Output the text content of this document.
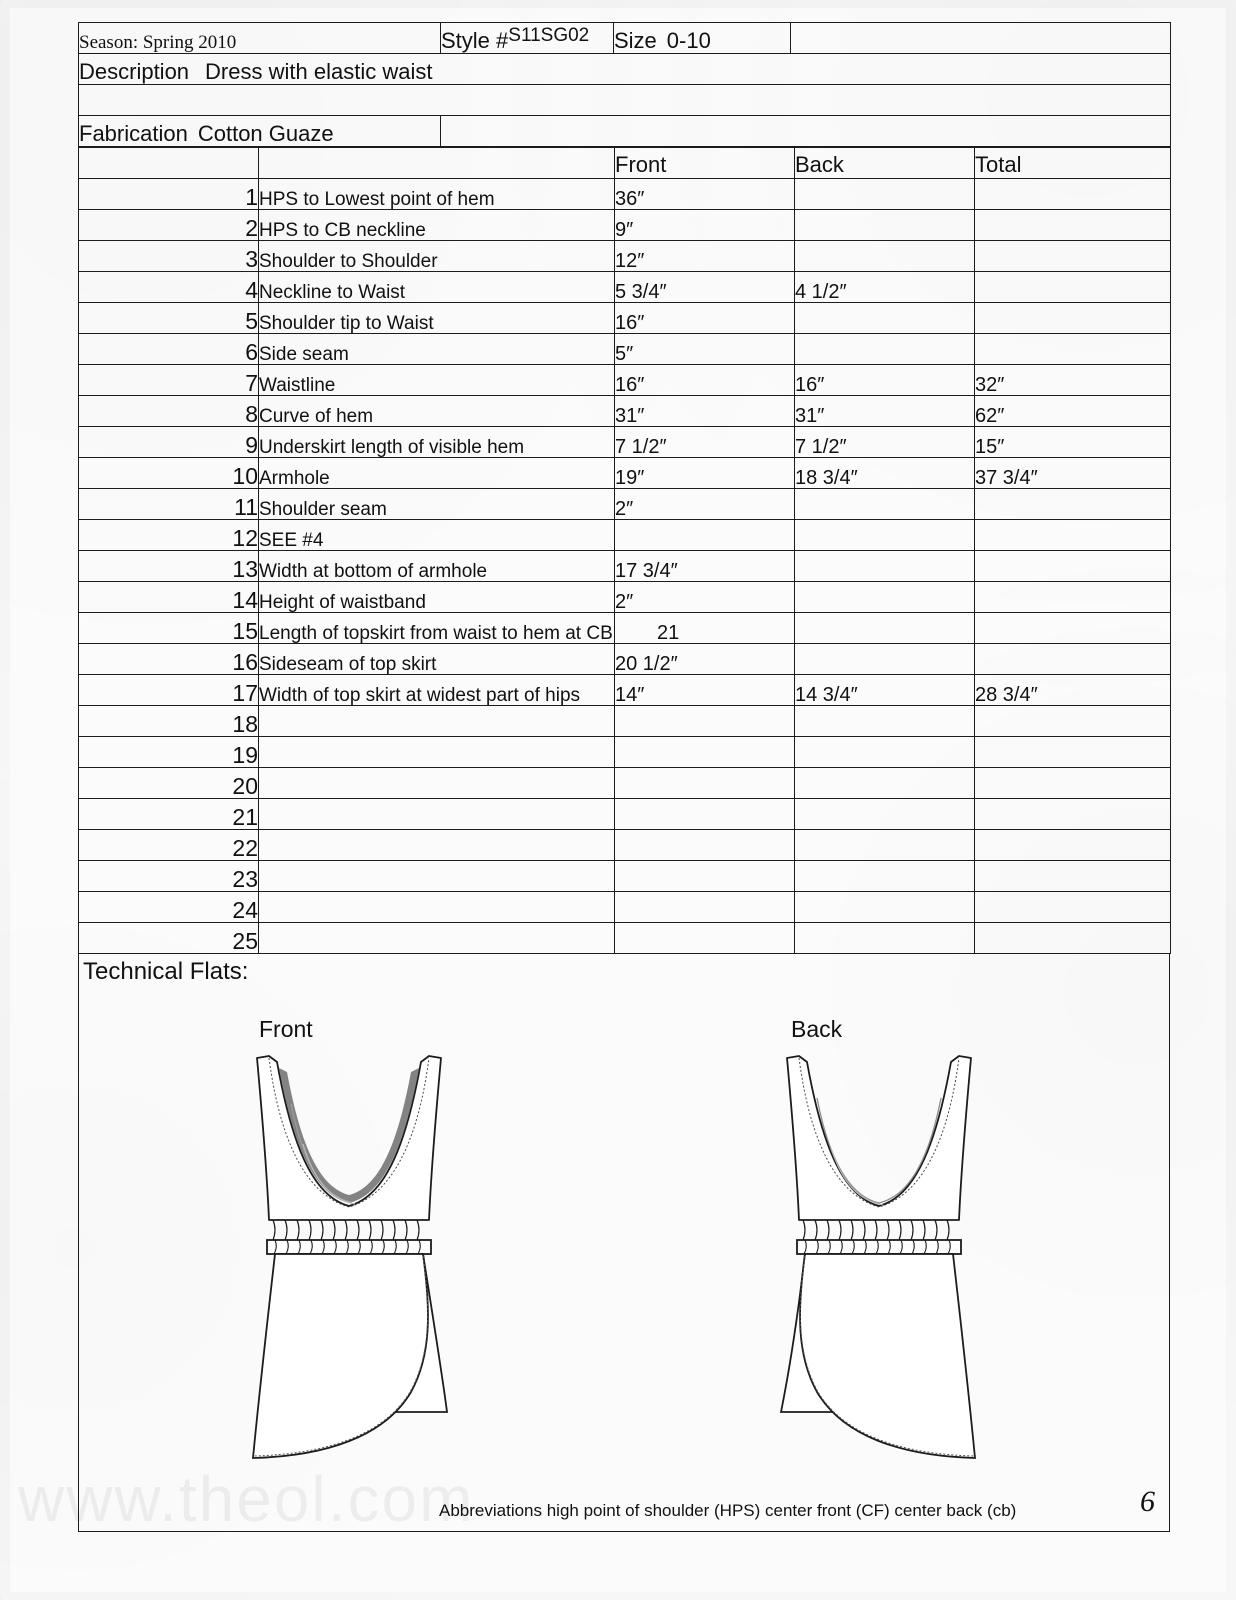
www.theol.com
Season: Spring 2010	Style #S11SG02	Size 0-10	
Description Dress with elastic waist			

Fabrication Cotton Guaze			
		Front	Back	Total
1	HPS to Lowest point of hem	36″		
2	HPS to CB neckline	9″		
3	Shoulder to Shoulder	12″		
4	Neckline to Waist	5 3/4″	4 1/2″	
5	Shoulder tip to Waist	16″		
6	Side seam	5″		
7	Waistline	16″	16″	32″
8	Curve of hem	31″	31″	62″
9	Underskirt length of visible hem	7 1/2″	7 1/2″	15″
10	Armhole	19″	18 3/4″	37 3/4″
11	Shoulder seam	2″		
12	SEE #4			
13	Width at bottom of armhole	17 3/4″		
14	Height of waistband	2″		
15	Length of topskirt from waist to hem at CB	21		
16	Sideseam of top skirt	20 1/2″		
17	Width of top skirt at widest part of hips	14″	14 3/4″	28 3/4″
18				
19				
20				
21				
22				
23				
24				
25				
Technical Flats:
Front	Back
Abbreviations high point of shoulder (HPS) center front (CF) center back (cb)	6
